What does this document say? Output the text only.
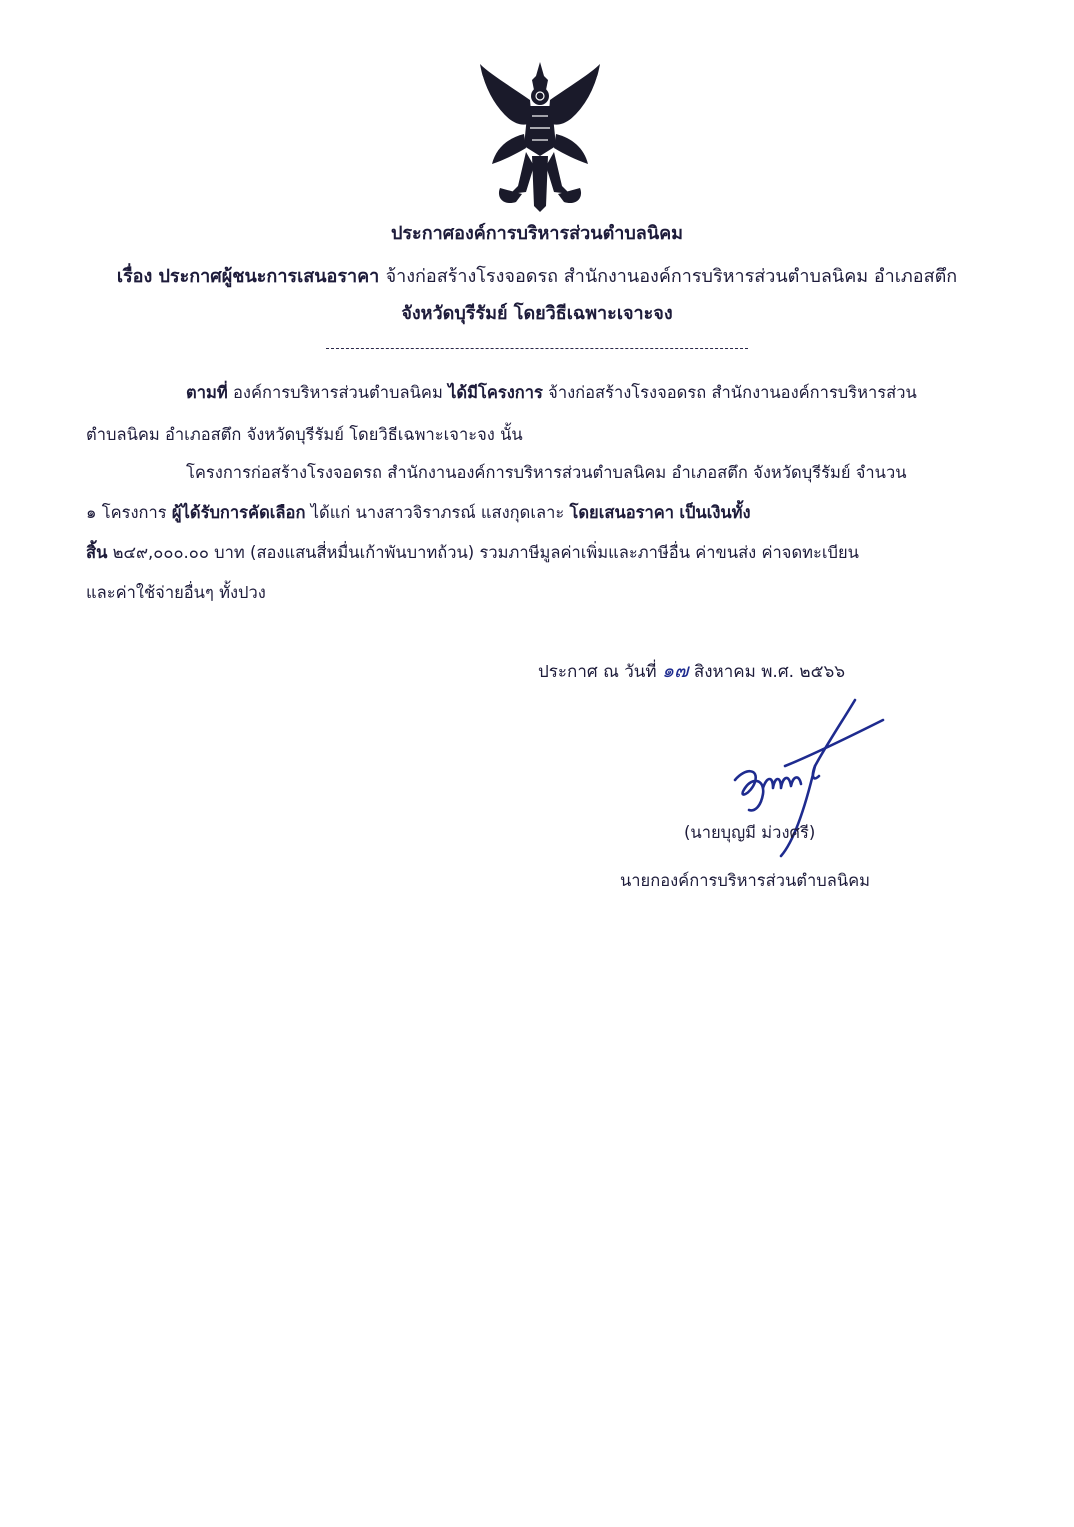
ประกาศองค์การบริหารส่วนตำบลนิคม
เรื่อง ประกาศผู้ชนะการเสนอราคา จ้างก่อสร้างโรงจอดรถ สำนักงานองค์การบริหารส่วนตำบลนิคม อำเภอสตึก
จังหวัดบุรีรัมย์ โดยวิธีเฉพาะเจาะจง
ตามที่ องค์การบริหารส่วนตำบลนิคม ได้มีโครงการ จ้างก่อสร้างโรงจอดรถ สำนักงานองค์การบริหารส่วน
ตำบลนิคม อำเภอสตึก จังหวัดบุรีรัมย์ โดยวิธีเฉพาะเจาะจง นั้น
โครงการก่อสร้างโรงจอดรถ สำนักงานองค์การบริหารส่วนตำบลนิคม อำเภอสตึก จังหวัดบุรีรัมย์ จำนวน
๑ โครงการ ผู้ได้รับการคัดเลือก ได้แก่ นางสาวจิราภรณ์ แสงกุดเลาะ โดยเสนอราคา เป็นเงินทั้ง
สิ้น ๒๔๙,๐๐๐.๐๐ บาท (สองแสนสี่หมื่นเก้าพันบาทถ้วน) รวมภาษีมูลค่าเพิ่มและภาษีอื่น ค่าขนส่ง ค่าจดทะเบียน
และค่าใช้จ่ายอื่นๆ ทั้งปวง
ประกาศ ณ วันที่ ๑๗ สิงหาคม พ.ศ. ๒๕๖๖
(นายบุญมี ม่วงศรี)
นายกองค์การบริหารส่วนตำบลนิคม
